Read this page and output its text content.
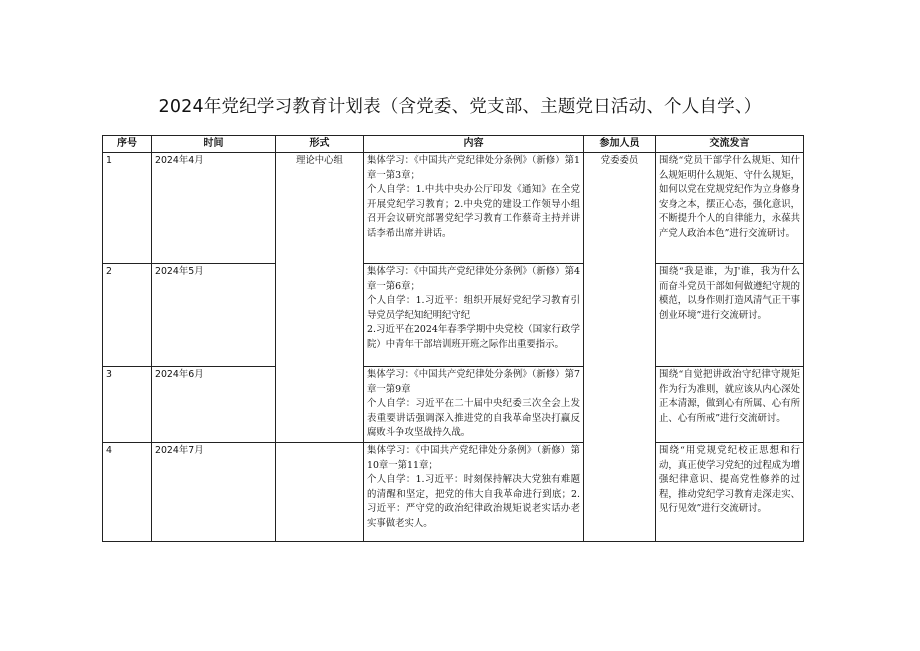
2024年党纪学习教育计划表（含党委、党支部、主题党日活动、个人自学、）
序号	时间	形式	内容	参加人员	交流发言
1	2024年4月	理论中心组	集体学习：《中国共产党纪律处分条例》（新修）第1章一第3章；
个人自学：1.中共中央办公厅印发《通知》在全党开展党纪学习教育；2.中央党的建设工作领导小组召开会议研究部署党纪学习教育工作蔡奇主持并讲话李希出席并讲话。	党委委员	围绕“党员干部学什么规矩、知什么规矩明什么规矩、守什么规矩，如何以党在党规党纪作为立身修身安身之本，摆正心态，强化意识，不断提升个人的自律能力，永葆共产党人政治本色”进行交流研讨。

2	2024年5月		集体学习：《中国共产党纪律处分条例》（新修）第4章一第6章；
个人自学：1.习近平：组织开展好党纪学习教育引导党员学纪知纪明纪守纪
2.习近平在2024年春季学期中央党校（国家行政学院）中青年干部培训班开班之际作出重要指示。		围绕“我是谁，为J'谁，我为什么而奋斗党员干部如何做遵纪守规的模范，以身作则打造风清气正干事创业环境”进行交流研讨。

3	2024年6月		集体学习：《中国共产党纪律处分条例》（新修）第7章一第9章
个人自学：习近平在二十届中央纪委三次全会上发表重要讲话强调深入推进党的自我革命坚决打赢反腐败斗争攻坚战持久战。		围绕“自觉把讲政治守纪律守规矩作为行为准则，就应该从内心深处正本清源，做到心有所属、心有所止、心有所戒”进行交流研讨。

4	2024年7月		集体学习：《中国共产党纪律处分条例》（新修）第10章一第11章；
个人自学：1.习近平：时刻保持解决大党独有难题的清醒和坚定，把党的伟大自我革命进行到底；2.习近平：严守党的政治纪律政治规矩说老实话办老实事做老实人。		围绕“用党规党纪校正思想和行动，真正使学习党纪的过程成为增强纪律意识、提高党性修养的过程，推动党纪学习教育走深走实、见行见效”进行交流研讨。
